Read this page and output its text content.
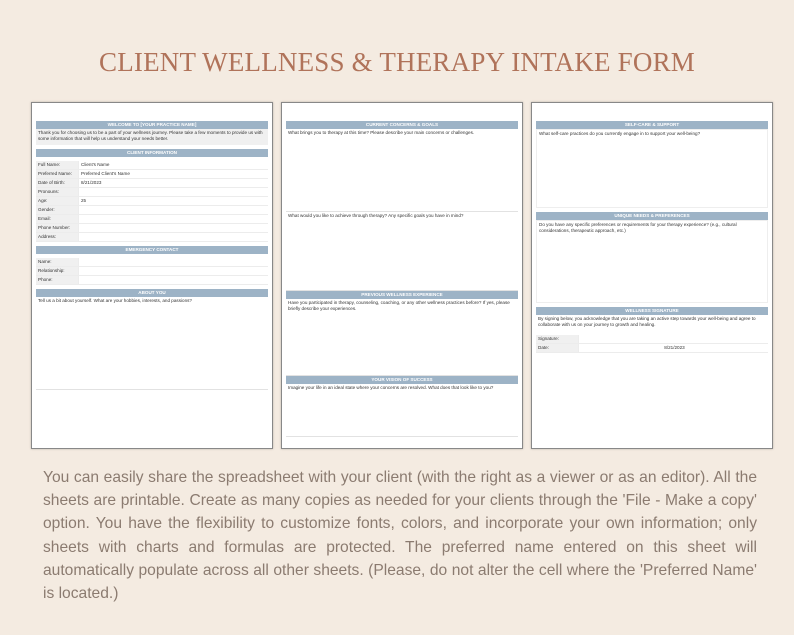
CLIENT WELLNESS & THERAPY INTAKE FORM
WELCOME TO [YOUR PRACTICE NAME]
Thank you for choosing us to be a part of your wellness journey. Please take a few moments to provide us with some information that will help us understand your needs better.
CLIENT INFORMATION
Full Name:	Client's Name
Preferred Name:	Preferred Client's Name
Date of Birth:	8/21/2023
Pronouns:
Age:	25
Gender:
Email:
Phone Number:
Address:
EMERGENCY CONTACT
Name:
Relationship:
Phone:
ABOUT YOU
Tell us a bit about yourself. What are your hobbies, interests, and passions?
CURRENT CONCERNS & GOALS
What brings you to therapy at this time? Please describe your main concerns or challenges.
What would you like to achieve through therapy? Any specific goals you have in mind?
PREVIOUS WELLNESS EXPERIENCE
Have you participated in therapy, counseling, coaching, or any other wellness practices before? If yes, please briefly describe your experiences.
YOUR VISION OF SUCCESS
Imagine your life in an ideal state where your concerns are resolved. What does that look like to you?
SELF-CARE & SUPPORT
What self-care practices do you currently engage in to support your well-being?
UNIQUE NEEDS & PREFERENCES
Do you have any specific preferences or requirements for your therapy experience? (e.g., cultural considerations, therapeutic approach, etc.)
WELLNESS SIGNATURE
By signing below, you acknowledge that you are taking an active step towards your well-being and agree to collaborate with us on your journey to growth and healing.
Signature:
Date:	8/21/2023
You can easily share the spreadsheet with your client (with the right as a viewer or as an editor). All the sheets are printable. Create as many copies as needed for your clients through the 'File - Make a copy' option. You have the flexibility to customize fonts, colors, and incorporate your own information; only sheets with charts and formulas are protected. The preferred name entered on this sheet will automatically populate across all other sheets. (Please, do not alter the cell where the 'Preferred Name' is located.)
